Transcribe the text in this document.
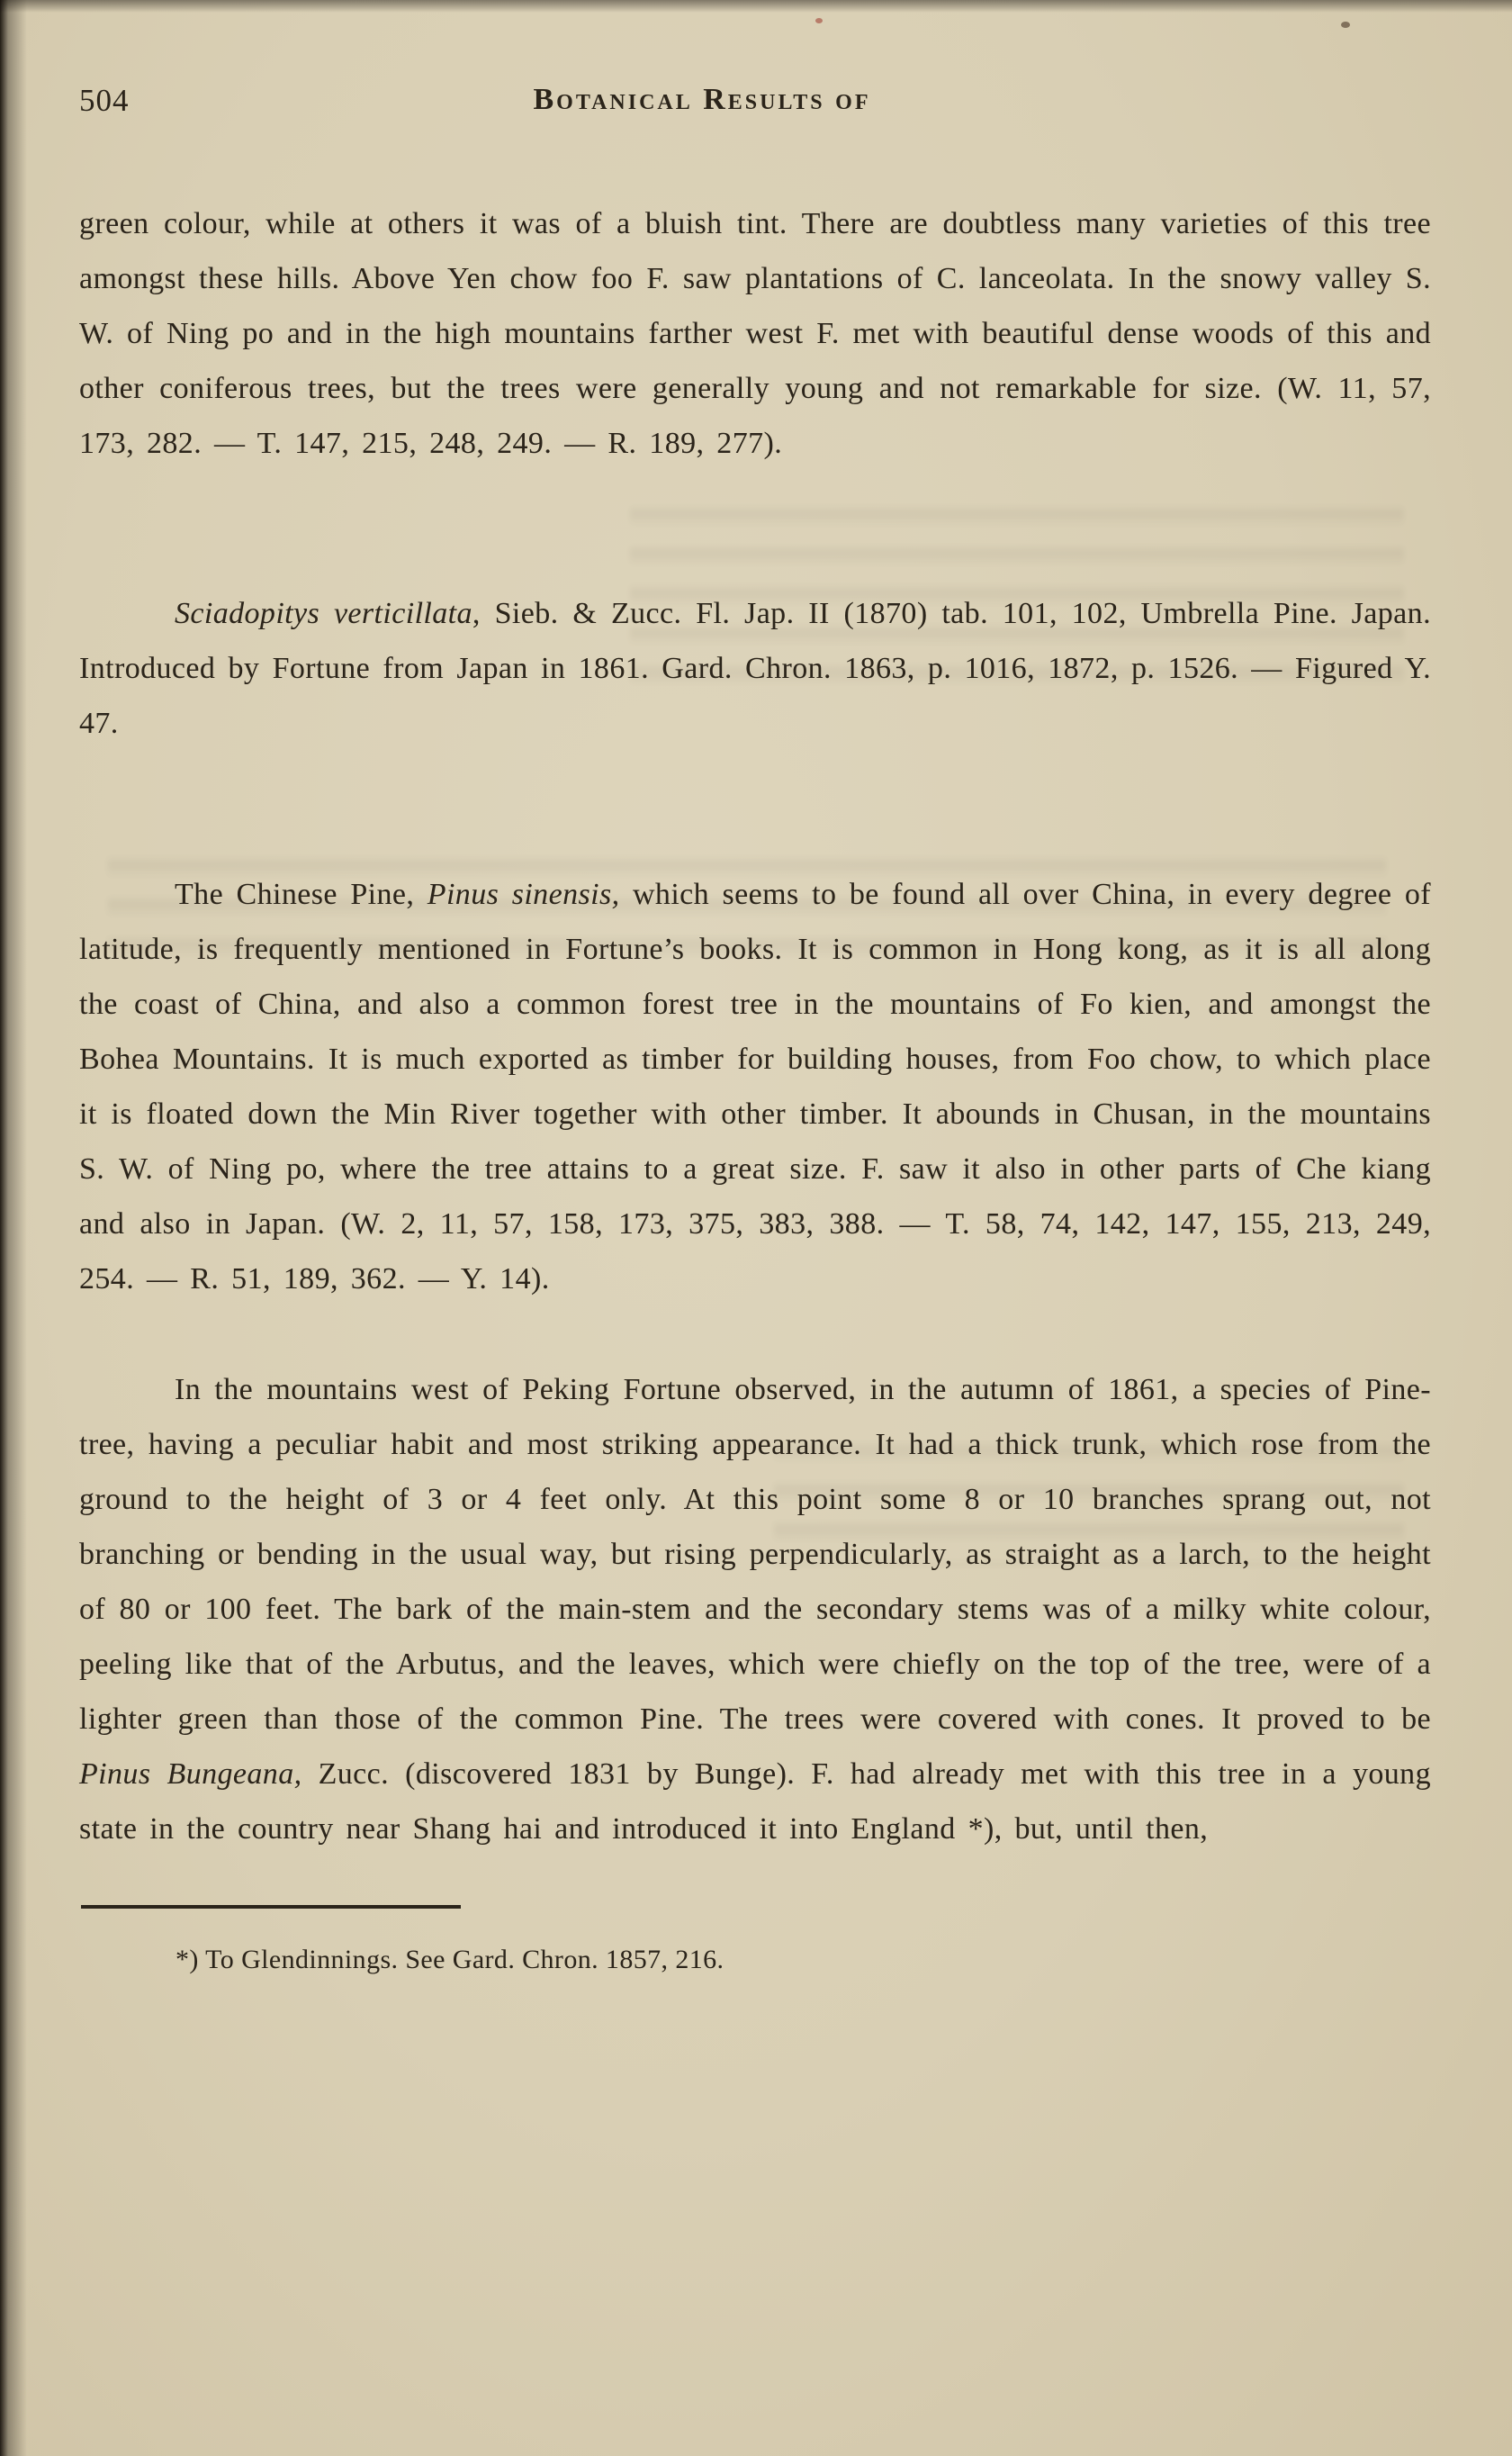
504	Botanical Results of

green colour, while at others it was of a bluish tint. There are doubtless many varieties of this tree amongst these hills. Above Yen chow foo F. saw plantations of C. lanceolata. In the snowy valley S. W. of Ning po and in the high mountains farther west F. met with beautiful dense woods of this and other coniferous trees, but the trees were generally young and not remarkable for size. (W. 11, 57, 173, 282. — T. 147, 215, 248, 249. — R. 189, 277).

Sciadopitys verticillata, Sieb. & Zucc. Fl. Jap. II (1870) tab. 101, 102, Umbrella Pine. Japan. Introduced by Fortune from Japan in 1861. Gard. Chron. 1863, p. 1016, 1872, p. 1526. — Figured Y. 47.

The Chinese Pine, Pinus sinensis, which seems to be found all over China, in every degree of latitude, is frequently mentioned in Fortune’s books. It is common in Hong kong, as it is all along the coast of China, and also a common forest tree in the mountains of Fo kien, and amongst the Bohea Mountains. It is much exported as timber for building houses, from Foo chow, to which place it is floated down the Min River together with other timber. It abounds in Chusan, in the mountains S. W. of Ning po, where the tree attains to a great size. F. saw it also in other parts of Che kiang and also in Japan. (W. 2, 11, 57, 158, 173, 375, 383, 388. — T. 58, 74, 142, 147, 155, 213, 249, 254. — R. 51, 189, 362. — Y. 14).

In the mountains west of Peking Fortune observed, in the autumn of 1861, a species of Pine-tree, having a peculiar habit and most striking appearance. It had a thick trunk, which rose from the ground to the height of 3 or 4 feet only. At this point some 8 or 10 branches sprang out, not branching or bending in the usual way, but rising perpendicularly, as straight as a larch, to the height of 80 or 100 feet. The bark of the main-stem and the secondary stems was of a milky white colour, peeling like that of the Arbutus, and the leaves, which were chiefly on the top of the tree, were of a lighter green than those of the common Pine. The trees were covered with cones. It proved to be Pinus Bungeana, Zucc. (discovered 1831 by Bunge). F. had already met with this tree in a young state in the country near Shang hai and introduced it into England *), but, until then,

*) To Glendinnings. See Gard. Chron. 1857, 216.
